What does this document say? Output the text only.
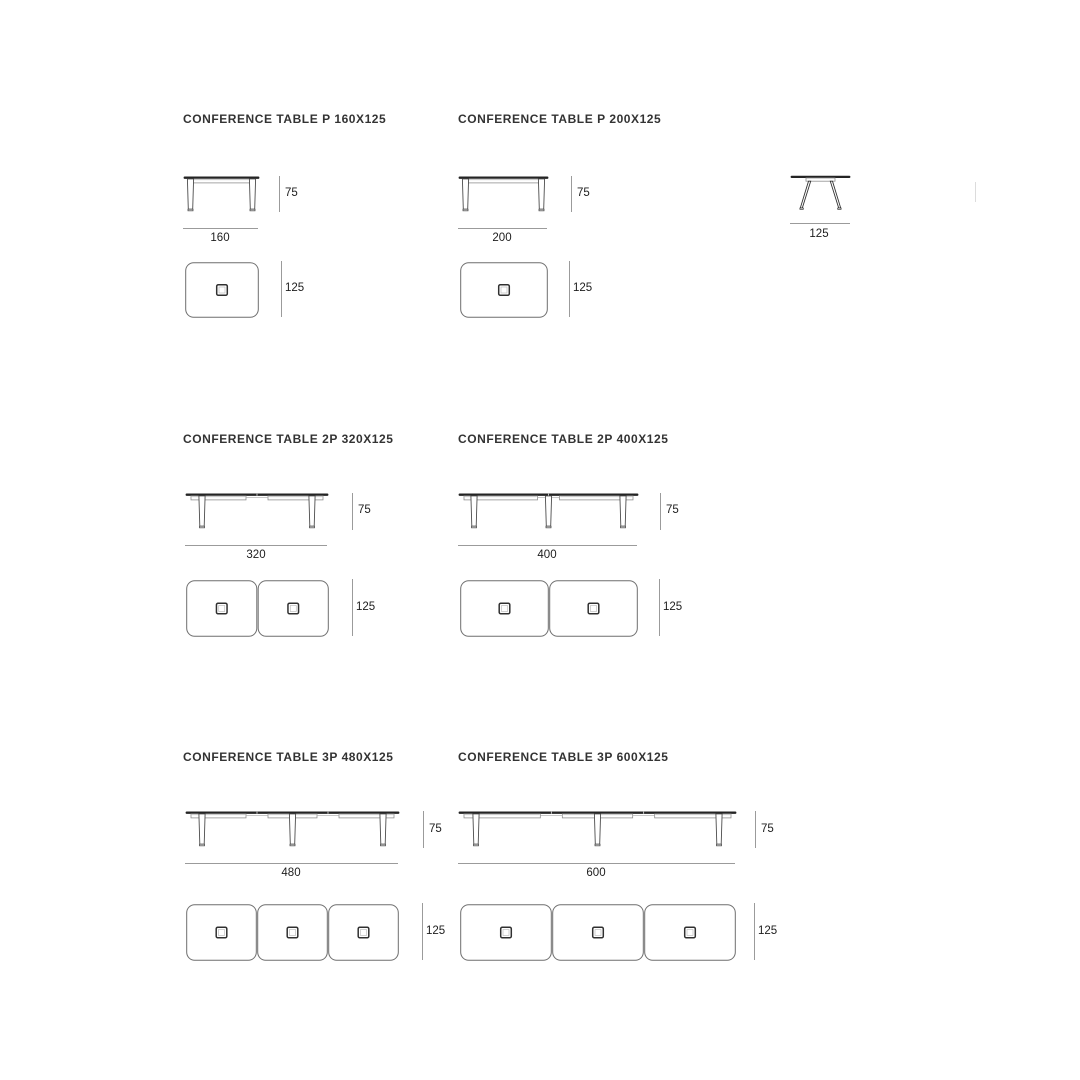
CONFERENCE TABLE P 160X125
75
160
125
CONFERENCE TABLE P 200X125
75
200
125
125
CONFERENCE TABLE 2P 320X125
75
320
125
CONFERENCE TABLE 2P 400X125
75
400
125
CONFERENCE TABLE 3P 480X125
75
480
125
CONFERENCE TABLE 3P 600X125
75
600
125
